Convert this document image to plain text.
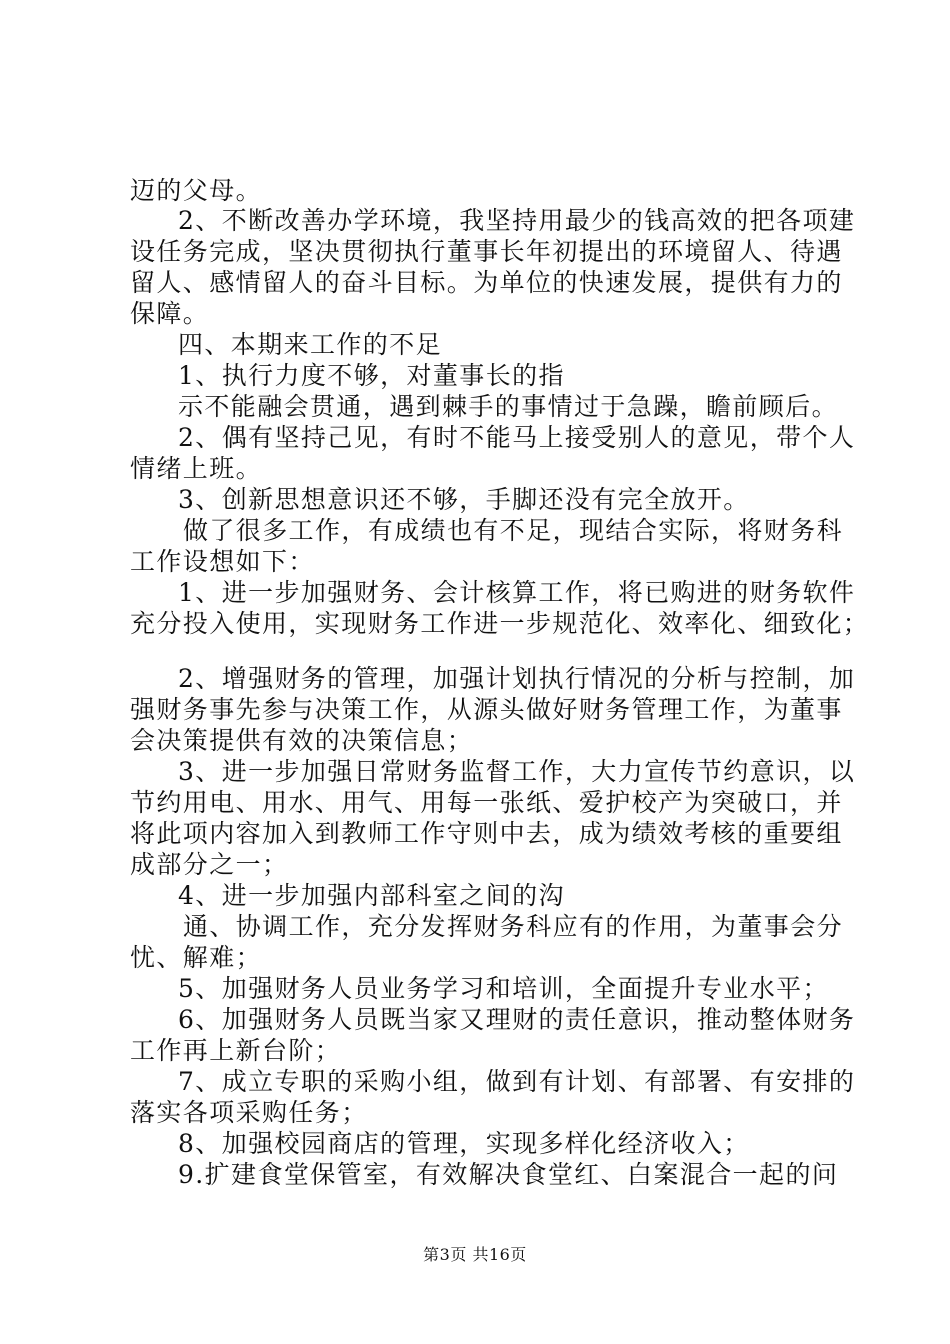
迈的父母。
2、不断改善办学环境，我坚持用最少的钱高效的把各项建
设任务完成，坚决贯彻执行董事长年初提出的环境留人、待遇
留人、感情留人的奋斗目标。为单位的快速发展，提供有力的
保障。
四、本期来工作的不足
1、执行力度不够，对董事长的指
示不能融会贯通，遇到棘手的事情过于急躁，瞻前顾后。
2、偶有坚持己见，有时不能马上接受别人的意见，带个人
情绪上班。
3、创新思想意识还不够，手脚还没有完全放开。
做了很多工作，有成绩也有不足，现结合实际，将财务科
工作设想如下：
1、进一步加强财务、会计核算工作，将已购进的财务软件
充分投入使用，实现财务工作进一步规范化、效率化、细致化；
2、增强财务的管理，加强计划执行情况的分析与控制，加
强财务事先参与决策工作，从源头做好财务管理工作，为董事
会决策提供有效的决策信息；
3、进一步加强日常财务监督工作，大力宣传节约意识，以
节约用电、用水、用气、用每一张纸、爱护校产为突破口，并
将此项内容加入到教师工作守则中去，成为绩效考核的重要组
成部分之一；
4、进一步加强内部科室之间的沟
通、协调工作，充分发挥财务科应有的作用，为董事会分
忧、解难；
5、加强财务人员业务学习和培训，全面提升专业水平；
6、加强财务人员既当家又理财的责任意识，推动整体财务
工作再上新台阶；
7、成立专职的采购小组，做到有计划、有部署、有安排的
落实各项采购任务；
8、加强校园商店的管理，实现多样化经济收入；
9.扩建食堂保管室，有效解决食堂红、白案混合一起的问
第3页 共16页
